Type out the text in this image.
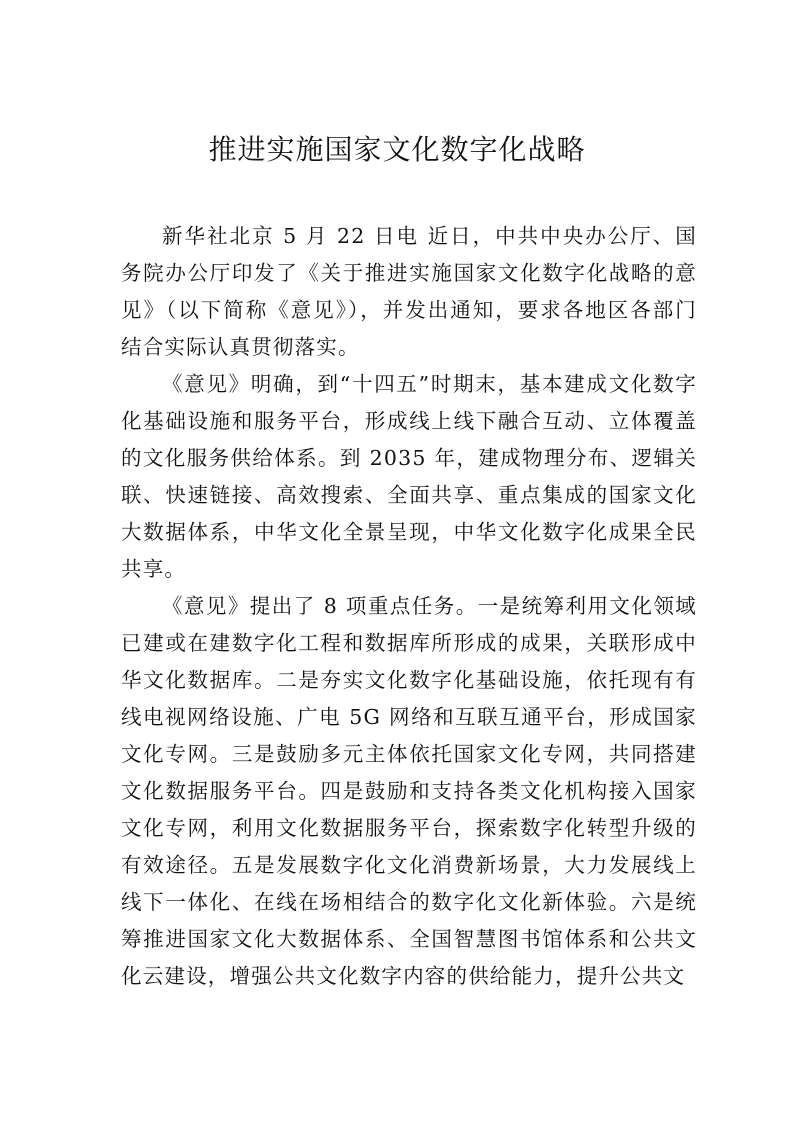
推进实施国家文化数字化战略

新华社北京 5 月 22 日电 近日，中共中央办公厅、国务院办公厅印发了《关于推进实施国家文化数字化战略的意见》（以下简称《意见》），并发出通知，要求各地区各部门结合实际认真贯彻落实。

《意见》明确，到“十四五”时期末，基本建成文化数字化基础设施和服务平台，形成线上线下融合互动、立体覆盖的文化服务供给体系。到 2035 年，建成物理分布、逻辑关联、快速链接、高效搜索、全面共享、重点集成的国家文化大数据体系，中华文化全景呈现，中华文化数字化成果全民共享。

《意见》提出了 8 项重点任务。一是统筹利用文化领域已建或在建数字化工程和数据库所形成的成果，关联形成中华文化数据库。二是夯实文化数字化基础设施，依托现有有线电视网络设施、广电 5G 网络和互联互通平台，形成国家文化专网。三是鼓励多元主体依托国家文化专网，共同搭建文化数据服务平台。四是鼓励和支持各类文化机构接入国家文化专网，利用文化数据服务平台，探索数字化转型升级的有效途径。五是发展数字化文化消费新场景，大力发展线上线下一体化、在线在场相结合的数字化文化新体验。六是统筹推进国家文化大数据体系、全国智慧图书馆体系和公共文化云建设，增强公共文化数字内容的供给能力，提升公共文
